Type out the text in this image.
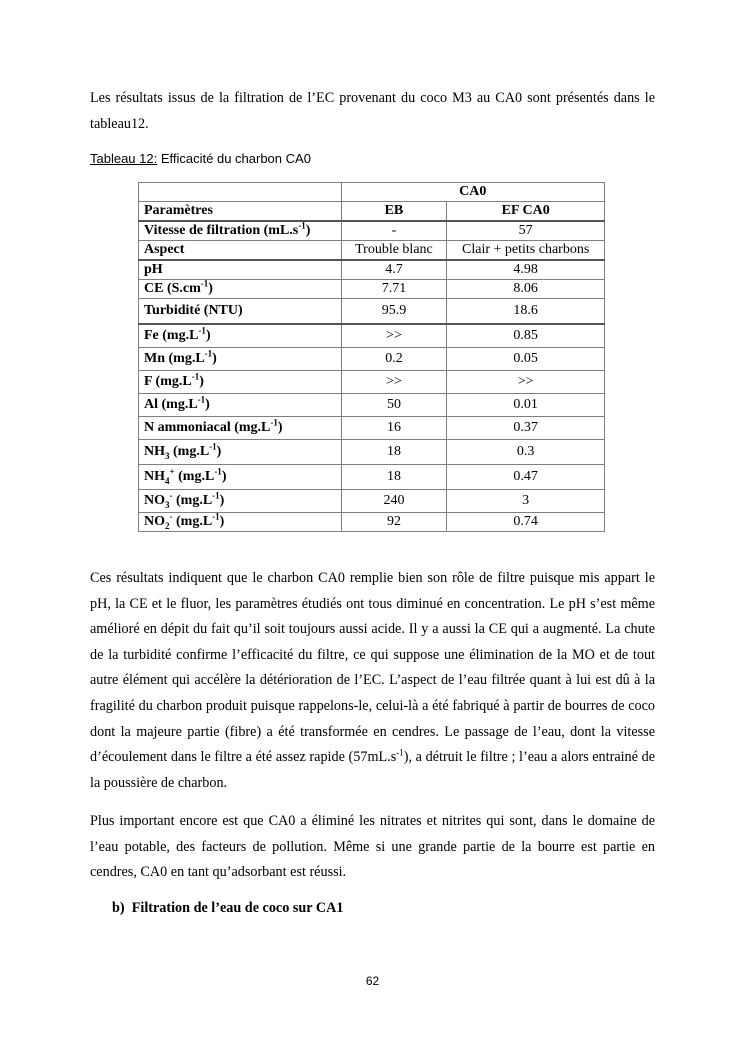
Les résultats issus de la filtration de l’EC provenant du coco M3 au CA0 sont présentés dans le tableau12.

Tableau 12: Efficacité du charbon CA0
	CA0	
Paramètres	EB	EF CA0
Vitesse de filtration $(mL.s^{-1})$	-	57
Aspect	Trouble blanc	Clair + petits charbons
pH	4.7	4.98
CE $(S.cm^{-1})$	7.71	8.06
Turbidité (NTU)	95.9	18.6
Fe $(mg.L^{-1})$	>>	0.85
Mn $(mg.L^{-1})$	0.2	0.05
F $(mg.L^{-1})$	>>	>>
Al $(mg.L^{-1})$	50	0.01
N ammoniacal $(mg.L^{-1})$	16	0.37
$NH_3$ $(mg.L^{-1})$	18	0.3
$NH_4^+$ $(mg.L^{-1})$	18	0.47
$NO_3^-$ $(mg.L^{-1})$	240	3
$NO_2^-$ $(mg.L^{-1})$	92	0.74

Ces résultats indiquent que le charbon CA0 remplie bien son rôle de filtre puisque mis appart le pH, la CE et le fluor, les paramètres étudiés ont tous diminué en concentration. Le pH s’est même amélioré en dépit du fait qu’il soit toujours aussi acide. Il y a aussi la CE qui a augmenté. La chute de la turbidité confirme l’efficacité du filtre, ce qui suppose une élimination de la MO et de tout autre élément qui accélère la détérioration de l’EC. L’aspect de l’eau filtrée quant à lui est dû à la fragilité du charbon produit puisque rappelons-le, celui-là a été fabriqué à partir de bourres de coco dont la majeure partie (fibre) a été transformée en cendres. Le passage de l’eau, dont la vitesse d’écoulement dans le filtre a été assez rapide $(57mL.s^{-1})$, a détruit le filtre ; l’eau a alors entrainé de la poussière de charbon.

Plus important encore est que CA0 a éliminé les nitrates et nitrites qui sont, dans le domaine de l’eau potable, des facteurs de pollution. Même si une grande partie de la bourre est partie en cendres, CA0 en tant qu’adsorbant est réussi.

b)  Filtration de l’eau de coco sur CA1
62
